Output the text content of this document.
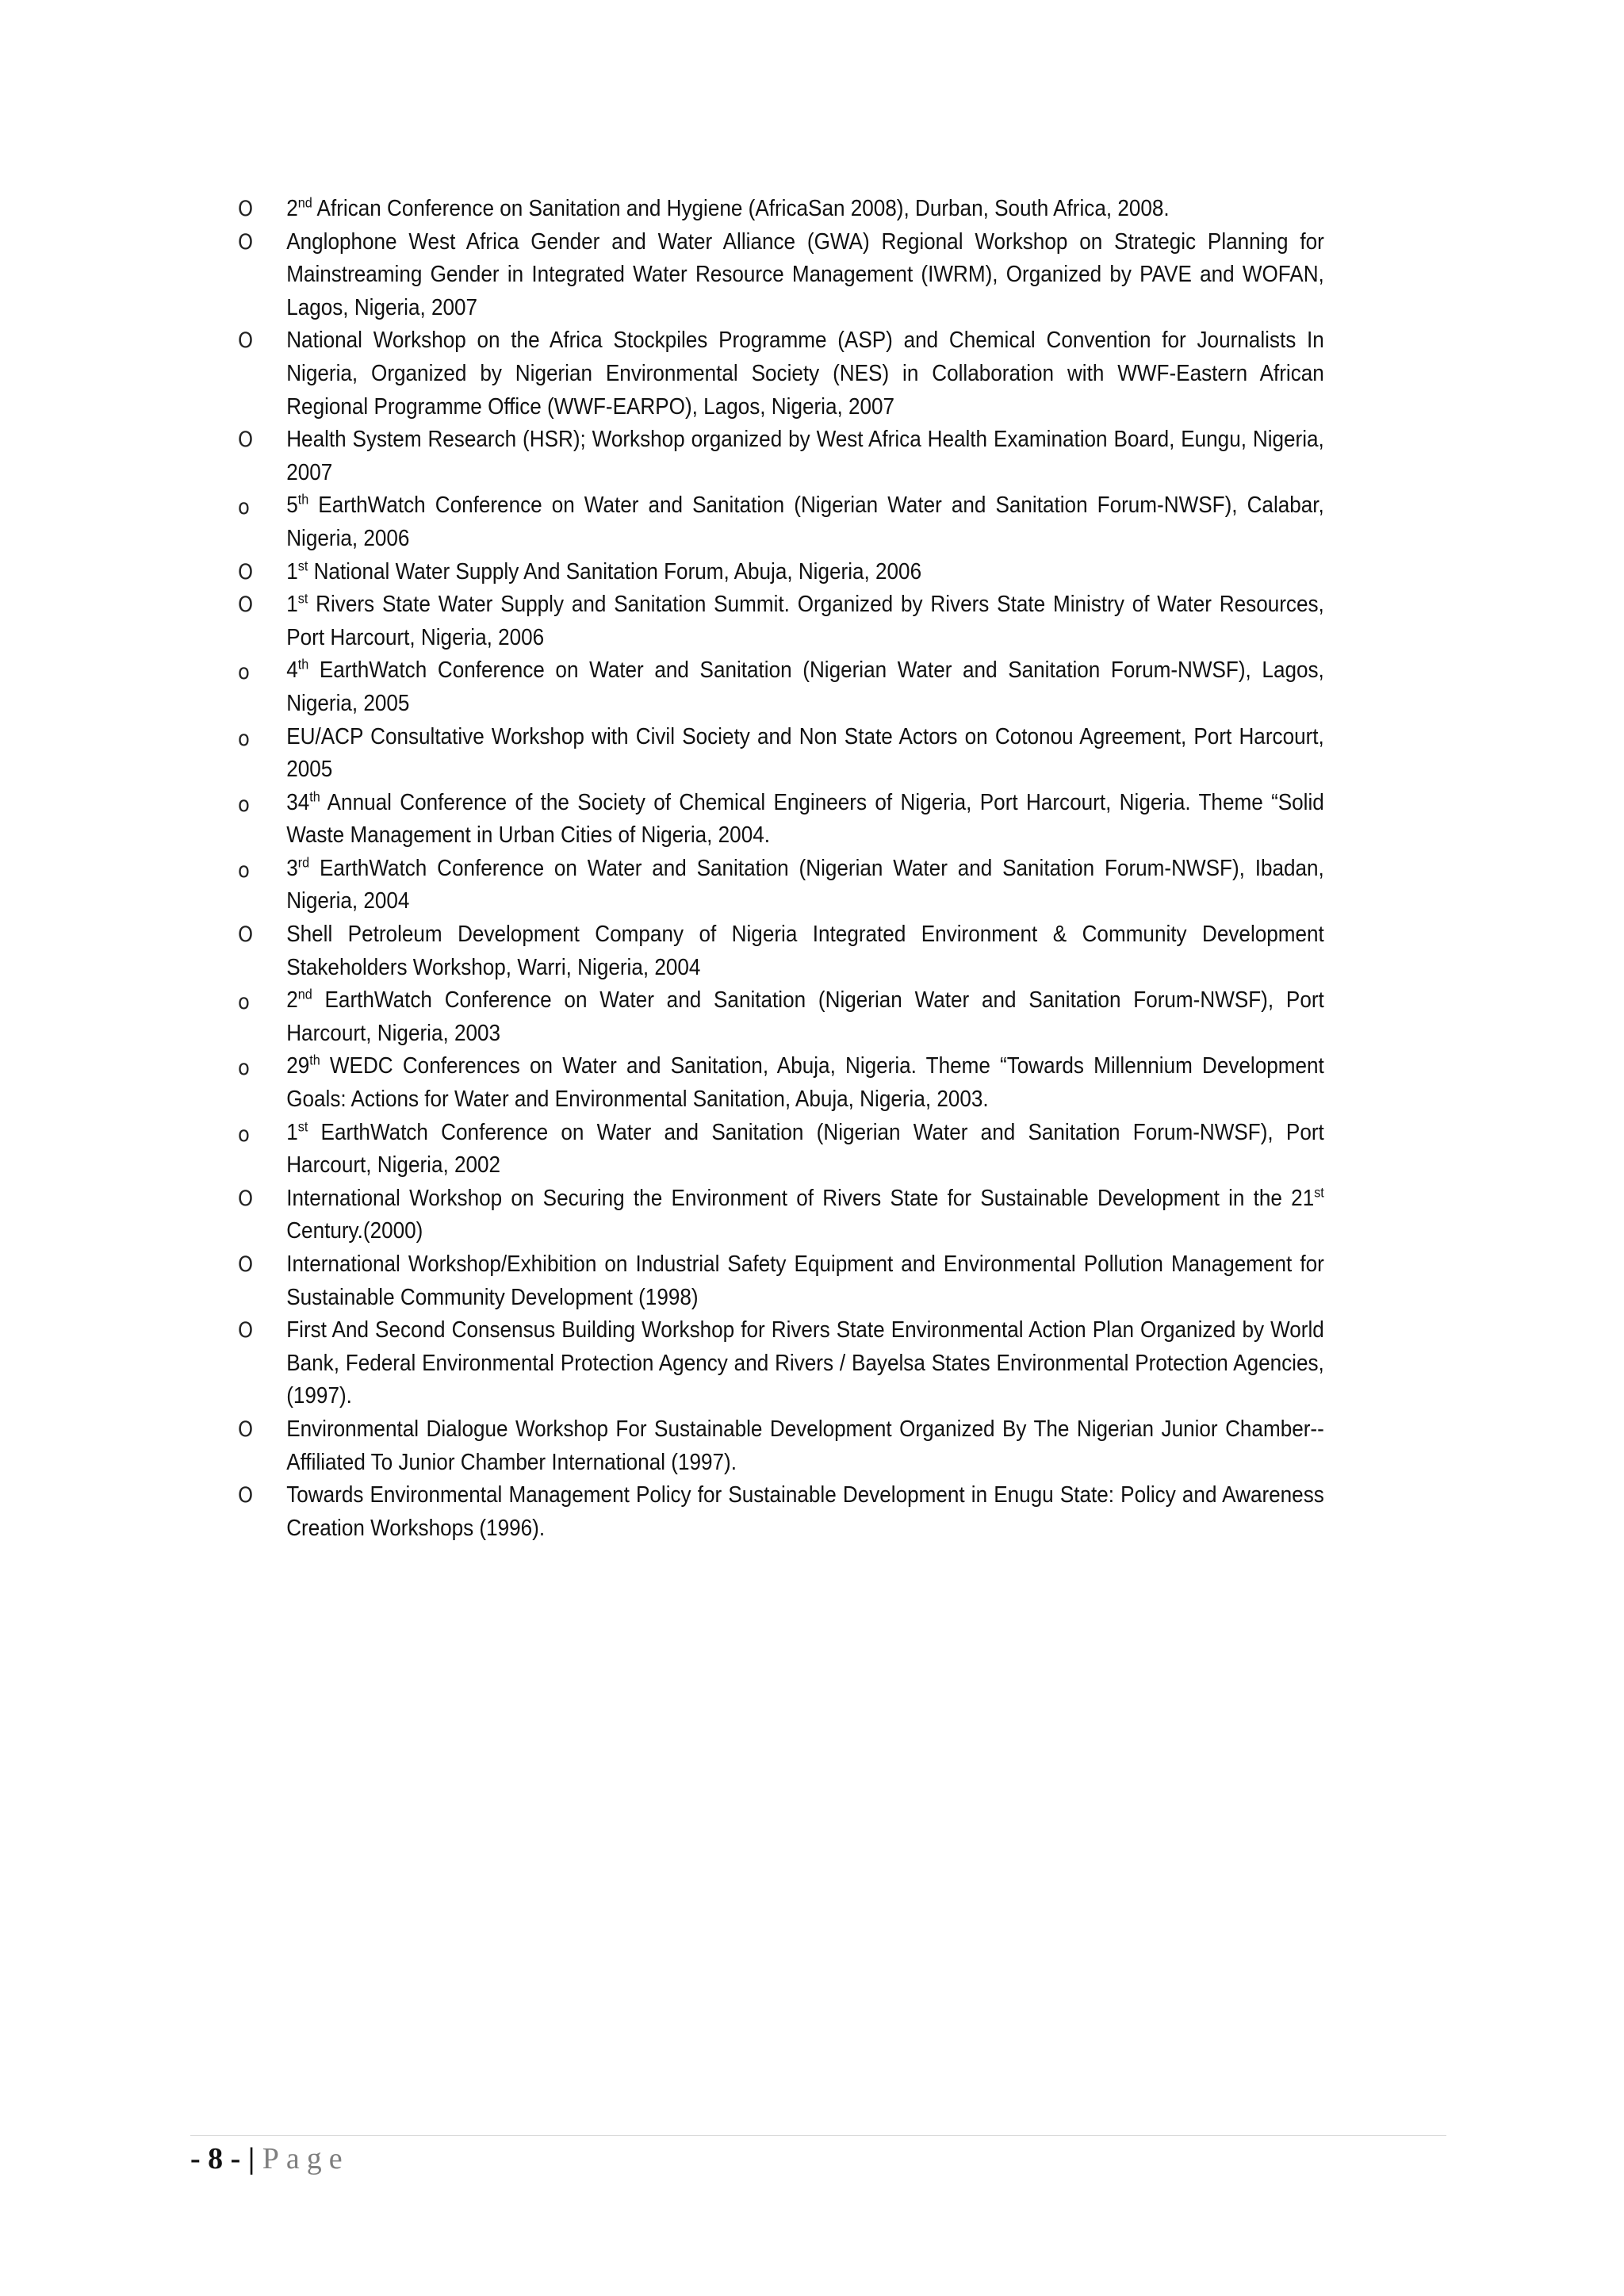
O 2nd African Conference on Sanitation and Hygiene (AfricaSan 2008), Durban, South Africa, 2008.
O Anglophone West Africa Gender and Water Alliance (GWA) Regional Workshop on Strategic Planning for Mainstreaming Gender in Integrated Water Resource Management (IWRM), Organized by PAVE and WOFAN, Lagos, Nigeria, 2007
O National Workshop on the Africa Stockpiles Programme (ASP) and Chemical Convention for Journalists In Nigeria, Organized by Nigerian Environmental Society (NES) in Collaboration with WWF-Eastern African Regional Programme Office (WWF-EARPO), Lagos, Nigeria, 2007
O Health System Research (HSR); Workshop organized by West Africa Health Examination Board, Eungu, Nigeria, 2007
o 5th EarthWatch Conference on Water and Sanitation (Nigerian Water and Sanitation Forum-NWSF), Calabar, Nigeria, 2006
O 1st National Water Supply And Sanitation Forum, Abuja, Nigeria, 2006
O 1st Rivers State Water Supply and Sanitation Summit. Organized by Rivers State Ministry of Water Resources, Port Harcourt, Nigeria, 2006
o 4th EarthWatch Conference on Water and Sanitation (Nigerian Water and Sanitation Forum-NWSF), Lagos, Nigeria, 2005
o EU/ACP Consultative Workshop with Civil Society and Non State Actors on Cotonou Agreement, Port Harcourt, 2005
o 34th Annual Conference of the Society of Chemical Engineers of Nigeria, Port Harcourt, Nigeria. Theme “Solid Waste Management in Urban Cities of Nigeria, 2004.
o 3rd EarthWatch Conference on Water and Sanitation (Nigerian Water and Sanitation Forum-NWSF), Ibadan, Nigeria, 2004
O Shell Petroleum Development Company of Nigeria Integrated Environment & Community Development Stakeholders Workshop, Warri, Nigeria, 2004
o 2nd EarthWatch Conference on Water and Sanitation (Nigerian Water and Sanitation Forum-NWSF), Port Harcourt, Nigeria, 2003
o 29th WEDC Conferences on Water and Sanitation, Abuja, Nigeria. Theme “Towards Millennium Development Goals: Actions for Water and Environmental Sanitation, Abuja, Nigeria, 2003.
o 1st EarthWatch Conference on Water and Sanitation (Nigerian Water and Sanitation Forum-NWSF), Port Harcourt, Nigeria, 2002
O International Workshop on Securing the Environment of Rivers State for Sustainable Development in the 21st Century.(2000)
O International Workshop/Exhibition on Industrial Safety Equipment and Environmental Pollution Management for Sustainable Community Development (1998)
O First And Second Consensus Building Workshop for Rivers State Environmental Action Plan Organized by World Bank, Federal Environmental Protection Agency and Rivers / Bayelsa States Environmental Protection Agencies, (1997).
O Environmental Dialogue Workshop For Sustainable Development Organized By The Nigerian Junior Chamber-- Affiliated To Junior Chamber International (1997).
O Towards Environmental Management Policy for Sustainable Development in Enugu State: Policy and Awareness Creation Workshops (1996).
- 8 - | Page
